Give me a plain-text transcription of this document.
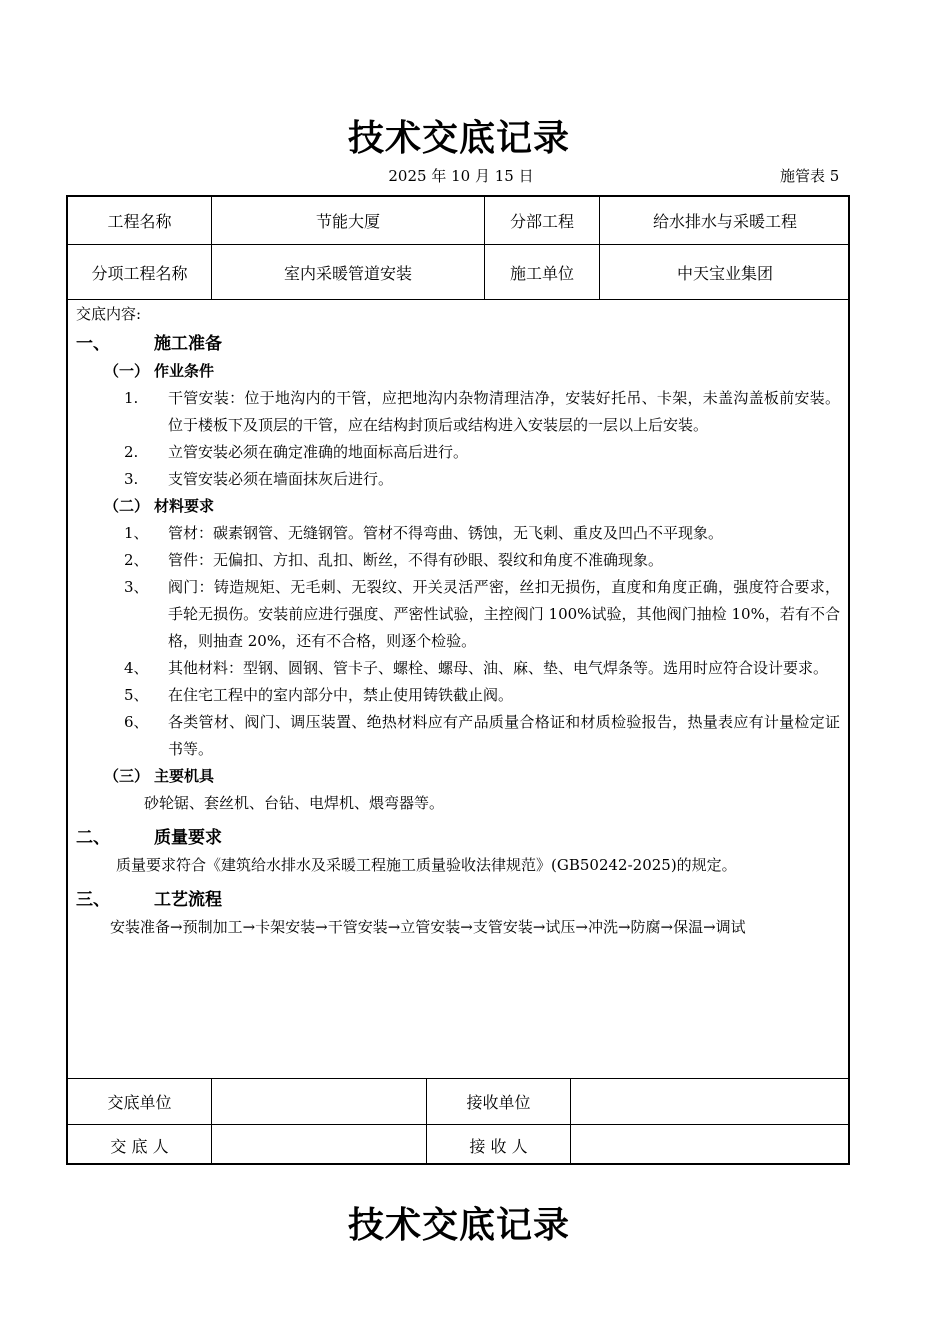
技术交底记录
2025 年 10 月 15 日	施管表 5
工程名称	节能大厦	分部工程	给水排水与采暖工程
分项工程名称	室内采暖管道安装	施工单位	中天宝业集团
交底内容:
一、	施工准备
（一） 作业条件
1.	干管安装：位于地沟内的干管，应把地沟内杂物清理洁净，安装好托吊、卡架，未盖沟盖板前安装。位于楼板下及顶层的干管，应在结构封顶后或结构进入安装层的一层以上后安装。
2.	立管安装必须在确定准确的地面标高后进行。
3.	支管安装必须在墙面抹灰后进行。
（二） 材料要求
1、	管材：碳素钢管、无缝钢管。管材不得弯曲、锈蚀，无飞刺、重皮及凹凸不平现象。
2、	管件：无偏扣、方扣、乱扣、断丝，不得有砂眼、裂纹和角度不准确现象。
3、	阀门：铸造规矩、无毛刺、无裂纹、开关灵活严密，丝扣无损伤，直度和角度正确，强度符合要求，手轮无损伤。安装前应进行强度、严密性试验，主控阀门 100%试验，其他阀门抽检 10%，若有不合格，则抽查 20%，还有不合格，则逐个检验。
4、	其他材料：型钢、圆钢、管卡子、螺栓、螺母、油、麻、垫、电气焊条等。选用时应符合设计要求。
5、	在住宅工程中的室内部分中，禁止使用铸铁截止阀。
6、	各类管材、阀门、调压装置、绝热材料应有产品质量合格证和材质检验报告，热量表应有计量检定证书等。
（三） 主要机具
砂轮锯、套丝机、台钻、电焊机、煨弯器等。
二、	质量要求
质量要求符合《建筑给水排水及采暖工程施工质量验收法律规范》(GB50242-2025)的规定。
三、	工艺流程
安装准备→预制加工→卡架安装→干管安装→立管安装→支管安装→试压→冲洗→防腐→保温→调试
交底单位	接收单位
交 底 人	接 收 人
技术交底记录
